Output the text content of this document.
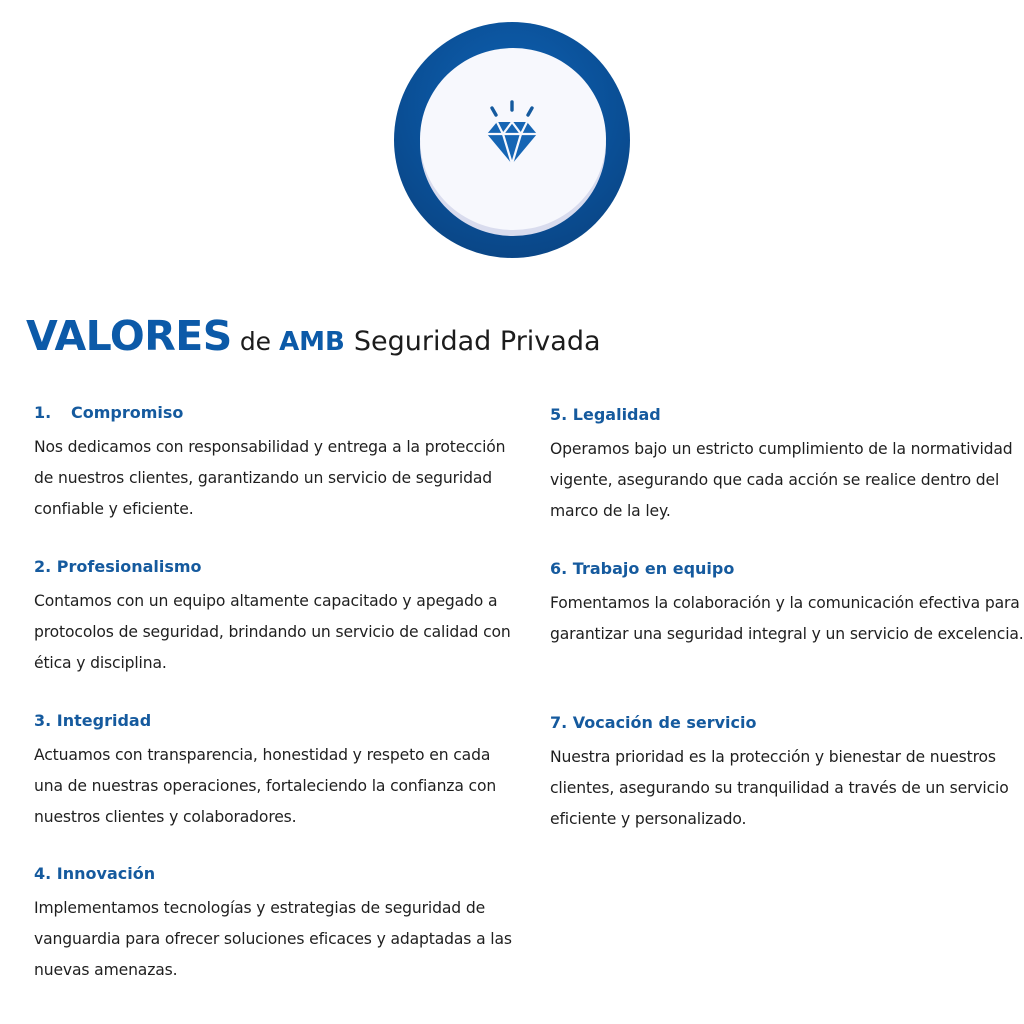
VALORES de AMB Seguridad Privada
1. Compromiso
Nos dedicamos con responsabilidad y entrega a la protección de nuestros clientes, garantizando un servicio de seguridad confiable y eficiente.
2. Profesionalismo
Contamos con un equipo altamente capacitado y apegado a protocolos de seguridad, brindando un servicio de calidad con ética y disciplina.
3. Integridad
Actuamos con transparencia, honestidad y respeto en cada una de nuestras operaciones, fortaleciendo la confianza con nuestros clientes y colaboradores.
4. Innovación
Implementamos tecnologías y estrategias de seguridad de vanguardia para ofrecer soluciones eficaces y adaptadas a las nuevas amenazas.
5. Legalidad
Operamos bajo un estricto cumplimiento de la normatividad vigente, asegurando que cada acción se realice dentro del marco de la ley.
6. Trabajo en equipo
Fomentamos la colaboración y la comunicación efectiva para garantizar una seguridad integral y un servicio de excelencia.
7. Vocación de servicio
Nuestra prioridad es la protección y bienestar de nuestros clientes, asegurando su tranquilidad a través de un servicio eficiente y personalizado.
